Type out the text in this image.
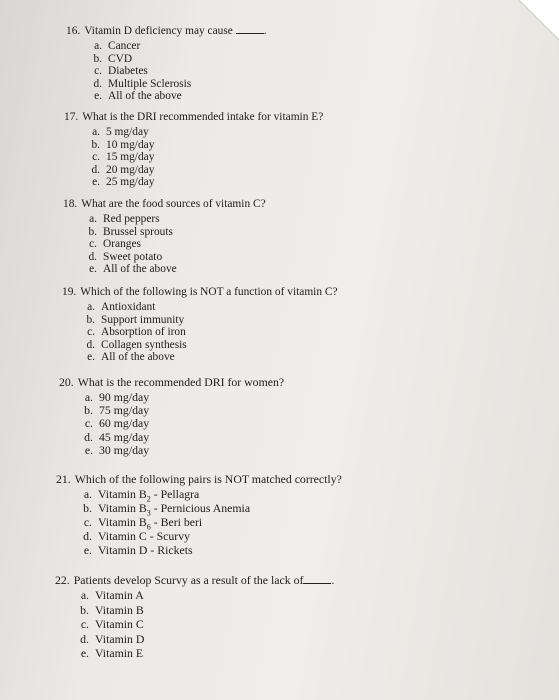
16. Vitamin D deficiency may cause	.
a. Cancer
b. CVD
c. Diabetes
d. Multiple Sclerosis
e. All of the above
17. What is the DRI recommended intake for vitamin E?
a. 5 mg/day
b. 10 mg/day
c. 15 mg/day
d. 20 mg/day
e. 25 mg/day
18. What are the food sources of vitamin C?
a. Red peppers
b. Brussel sprouts
c. Oranges
d. Sweet potato
e. All of the above
19. Which of the following is NOT a function of vitamin C?
a. Antioxidant
b. Support immunity
c. Absorption of iron
d. Collagen synthesis
e. All of the above
20. What is the recommended DRI for women?
a. 90 mg/day
b. 75 mg/day
c. 60 mg/day
d. 45 mg/day
e. 30 mg/day
21. Which of the following pairs is NOT matched correctly?
a. Vitamin $B_2$ - Pellagra
b. Vitamin $B_3$ - Pernicious Anemia
c. Vitamin $B_6$ - Beri beri
d. Vitamin C - Scurvy
e. Vitamin D - Rickets
22. Patients develop Scurvy as a result of the lack of .
a. Vitamin A
b. Vitamin B
c. Vitamin C
d. Vitamin D
e. Vitamin E
